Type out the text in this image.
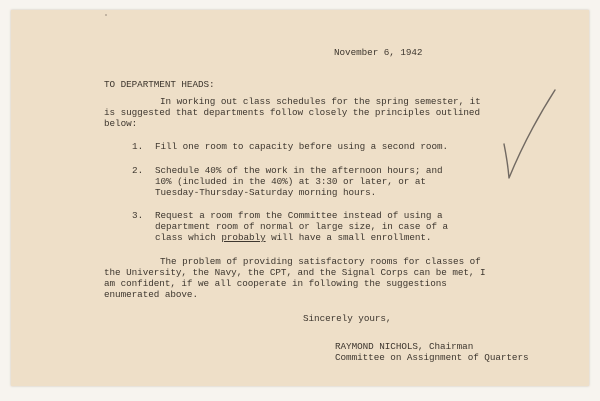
November 6, 1942
TO DEPARTMENT HEADS:
In working out class schedules for the spring semester, it
is suggested that departments follow closely the principles outlined
below:
1. Fill one room to capacity before using a second room.
2. Schedule 40% of the work in the afternoon hours; and
10% (included in the 40%) at 3:30 or later, or at
Tuesday-Thursday-Saturday morning hours.
3. Request a room from the Committee instead of using a
department room of normal or large size, in case of a
class which probably will have a small enrollment.
The problem of providing satisfactory rooms for classes of
the University, the Navy, the CPT, and the Signal Corps can be met, I
am confident, if we all cooperate in following the suggestions
enumerated above.
Sincerely yours,
RAYMOND NICHOLS, Chairman
Committee on Assignment of Quarters
